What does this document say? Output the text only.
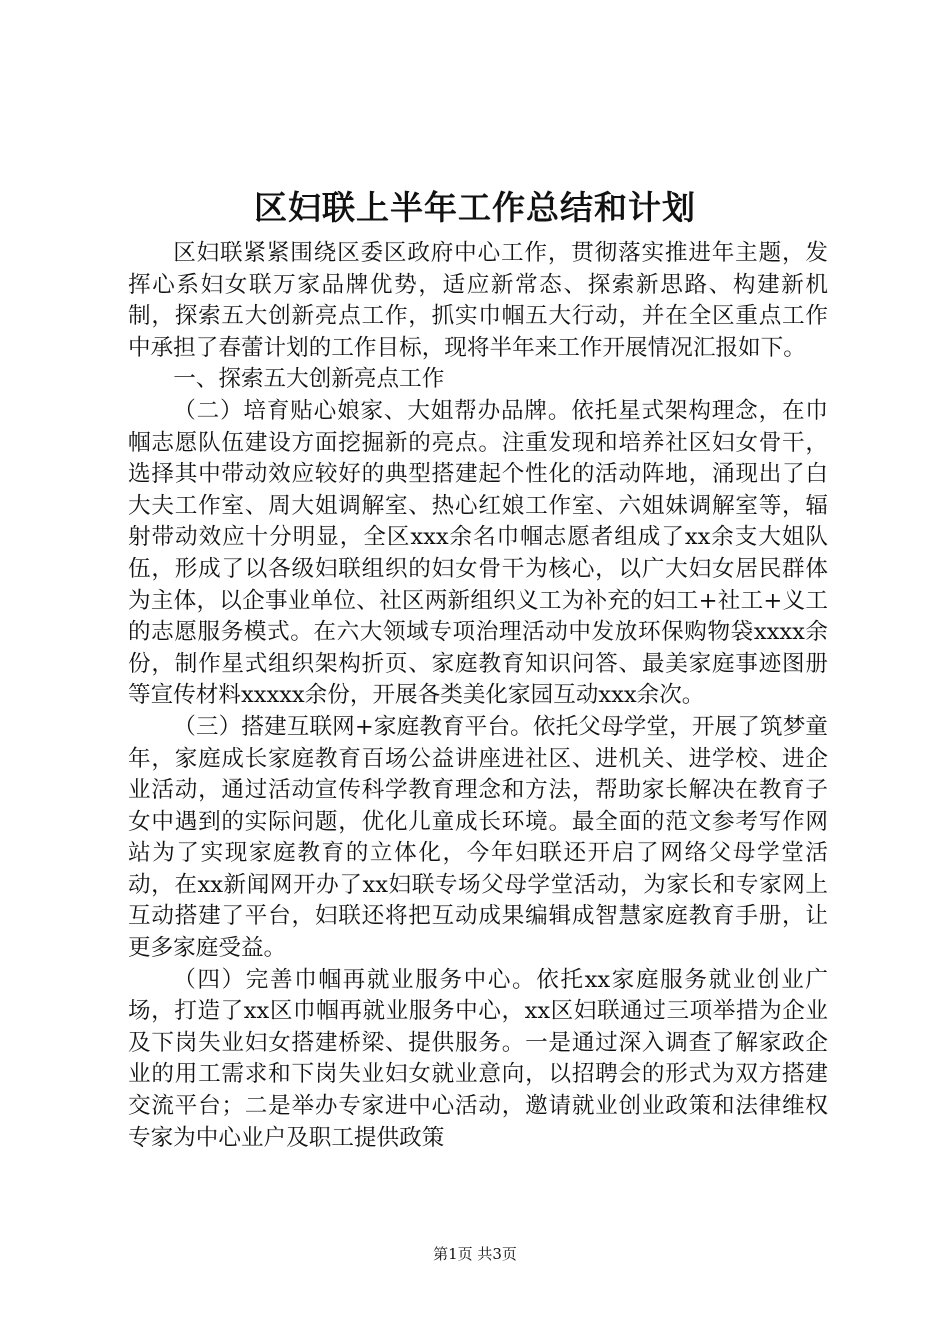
区妇联上半年工作总结和计划

区妇联紧紧围绕区委区政府中心工作，贯彻落实推进年主题，发挥心系妇女联万家品牌优势，适应新常态、探索新思路、构建新机制，探索五大创新亮点工作，抓实巾帼五大行动，并在全区重点工作中承担了春蕾计划的工作目标，现将半年来工作开展情况汇报如下。

一、探索五大创新亮点工作

（二）培育贴心娘家、大姐帮办品牌。依托星式架构理念，在巾帼志愿队伍建设方面挖掘新的亮点。注重发现和培养社区妇女骨干，选择其中带动效应较好的典型搭建起个性化的活动阵地，涌现出了白大夫工作室、周大姐调解室、热心红娘工作室、六姐妹调解室等，辐射带动效应十分明显，全区xxx余名巾帼志愿者组成了xx余支大姐队伍，形成了以各级妇联组织的妇女骨干为核心，以广大妇女居民群体为主体，以企事业单位、社区两新组织义工为补充的妇工+社工+义工的志愿服务模式。在六大领域专项治理活动中发放环保购物袋xxxx余份，制作星式组织架构折页、家庭教育知识问答、最美家庭事迹图册等宣传材料xxxxx余份，开展各类美化家园互动xxx余次。

（三）搭建互联网+家庭教育平台。依托父母学堂，开展了筑梦童年，家庭成长家庭教育百场公益讲座进社区、进机关、进学校、进企业活动，通过活动宣传科学教育理念和方法，帮助家长解决在教育子女中遇到的实际问题，优化儿童成长环境。最全面的范文参考写作网站为了实现家庭教育的立体化，今年妇联还开启了网络父母学堂活动，在xx新闻网开办了xx妇联专场父母学堂活动，为家长和专家网上互动搭建了平台，妇联还将把互动成果编辑成智慧家庭教育手册，让更多家庭受益。

（四）完善巾帼再就业服务中心。依托xx家庭服务就业创业广场，打造了xx区巾帼再就业服务中心，xx区妇联通过三项举措为企业及下岗失业妇女搭建桥梁、提供服务。一是通过深入调查了解家政企业的用工需求和下岗失业妇女就业意向，以招聘会的形式为双方搭建交流平台；二是举办专家进中心活动，邀请就业创业政策和法律维权专家为中心业户及职工提供政策

第1页 共3页
